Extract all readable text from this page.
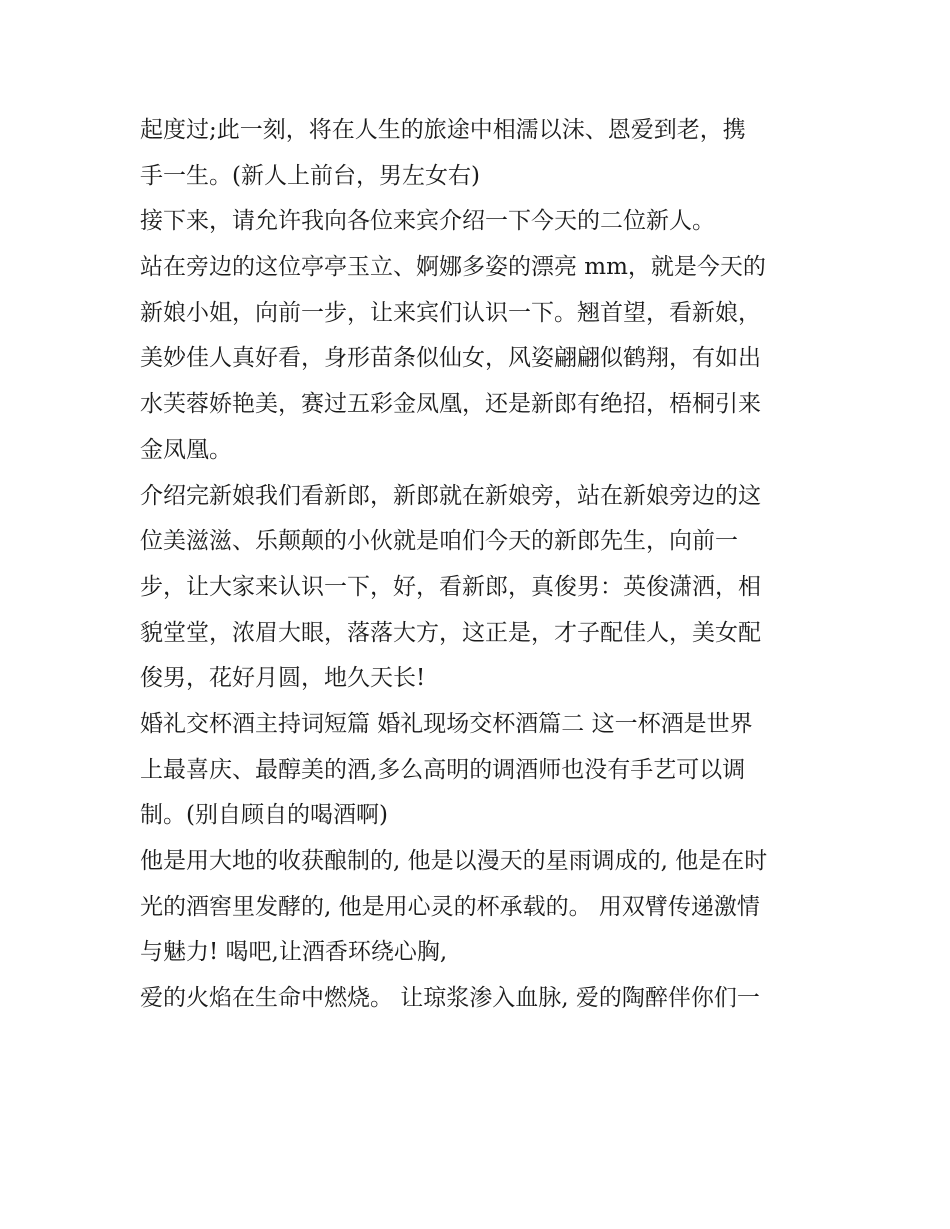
起度过;此一刻，将在人生的旅途中相濡以沫、恩爱到老，携
手一生。(新人上前台，男左女右)
接下来，请允许我向各位来宾介绍一下今天的二位新人。
站在旁边的这位亭亭玉立、婀娜多姿的漂亮 mm，就是今天的
新娘小姐，向前一步，让来宾们认识一下。翘首望，看新娘，
美妙佳人真好看，身形苗条似仙女，风姿翩翩似鹤翔，有如出
水芙蓉娇艳美，赛过五彩金凤凰，还是新郎有绝招，梧桐引来
金凤凰。
介绍完新娘我们看新郎，新郎就在新娘旁，站在新娘旁边的这
位美滋滋、乐颠颠的小伙就是咱们今天的新郎先生，向前一
步，让大家来认识一下，好，看新郎，真俊男：英俊潇洒，相
貌堂堂，浓眉大眼，落落大方，这正是，才子配佳人，美女配
俊男，花好月圆，地久天长!
婚礼交杯酒主持词短篇 婚礼现场交杯酒篇二 这一杯酒是世界
上最喜庆、最醇美的酒,多么高明的调酒师也没有手艺可以调
制。(别自顾自的喝酒啊)
他是用大地的收获酿制的, 他是以漫天的星雨调成的, 他是在时
光的酒窖里发酵的, 他是用心灵的杯承载的。 用双臂传递激情
与魅力! 喝吧,让酒香环绕心胸,
爱的火焰在生命中燃烧。 让琼浆渗入血脉, 爱的陶醉伴你们一
